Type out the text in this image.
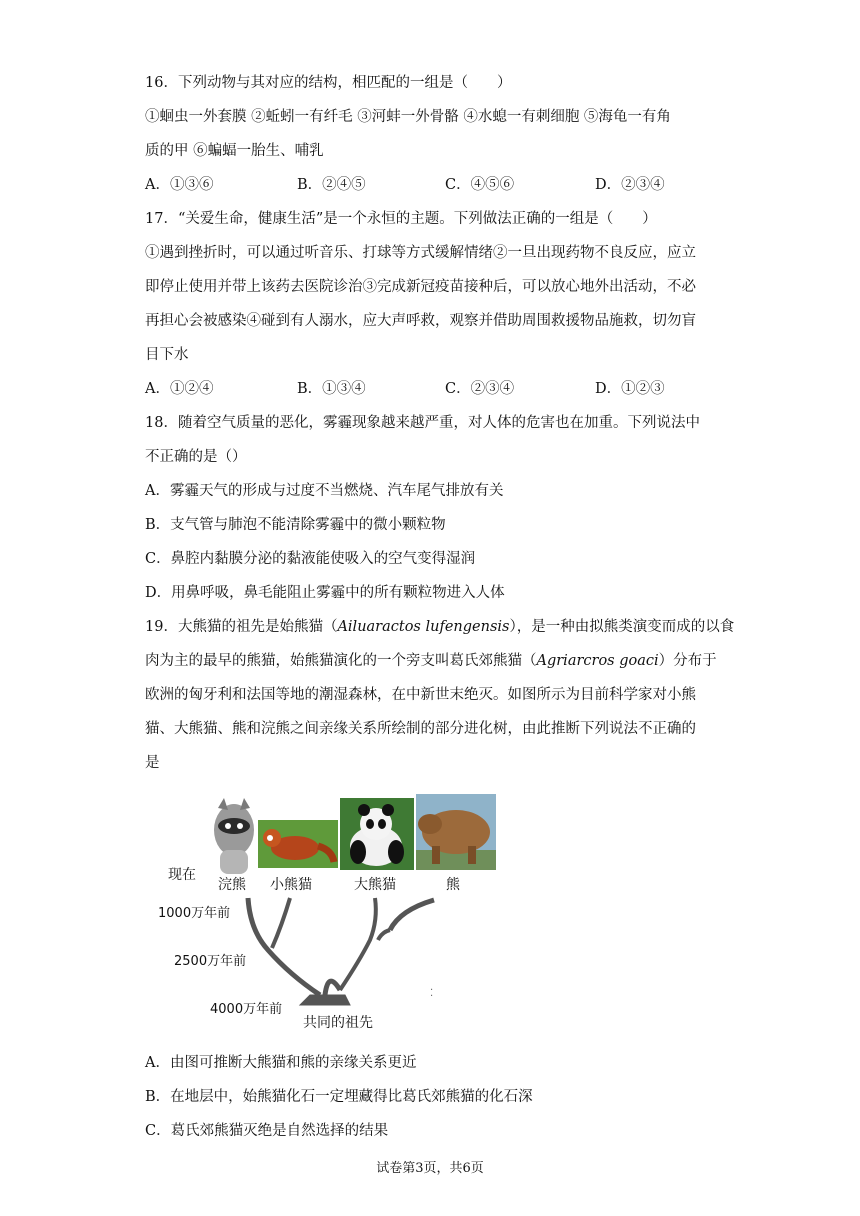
16．下列动物与其对应的结构，相匹配的一组是（　　）
①蛔虫一外套膜 ②蚯蚓一有纤毛 ③河蚌一外骨骼 ④水螅一有刺细胞 ⑤海龟一有角
质的甲 ⑥蝙蝠一胎生、哺乳
A．①③⑥	B．②④⑤	C．④⑤⑥	D．②③④
17．“关爱生命，健康生活”是一个永恒的主题。下列做法正确的一组是（　　）
①遇到挫折时，可以通过听音乐、打球等方式缓解情绪②一旦出现药物不良反应，应立
即停止使用并带上该药去医院诊治③完成新冠疫苗接种后，可以放心地外出活动，不必
再担心会被感染④碰到有人溺水，应大声呼救，观察并借助周围救援物品施救，切勿盲
目下水
A．①②④	B．①③④	C．②③④	D．①②③
18．随着空气质量的恶化，雾霾现象越来越严重，对人体的危害也在加重。下列说法中
不正确的是（）
A．雾霾天气的形成与过度不当燃烧、汽车尾气排放有关
B．支气管与肺泡不能清除雾霾中的微小颗粒物
C．鼻腔内黏膜分泌的黏液能使吸入的空气变得湿润
D．用鼻呼吸，鼻毛能阻止雾霾中的所有颗粒物进入人体
19．大熊猫的祖先是始熊猫（Ailuaractos lufengensis），是一种由拟熊类演变而成的以食
肉为主的最早的熊猫，始熊猫演化的一个旁支叫葛氏郊熊猫（Agriarcros goaci）分布于
欧洲的匈牙利和法国等地的潮湿森林，在中新世末绝灭。如图所示为目前科学家对小熊
猫、大熊猫、熊和浣熊之间亲缘关系所绘制的部分进化树，由此推断下列说法不正确的
是
⁚
现在
浣熊 小熊猫	大熊猫	熊
1000万年前
2500万年前
4000万年前
共同的祖先
A．由图可推断大熊猫和熊的亲缘关系更近
B．在地层中，始熊猫化石一定埋藏得比葛氏郊熊猫的化石深
C．葛氏郊熊猫灭绝是自然选择的结果
试卷第3页，共6页
